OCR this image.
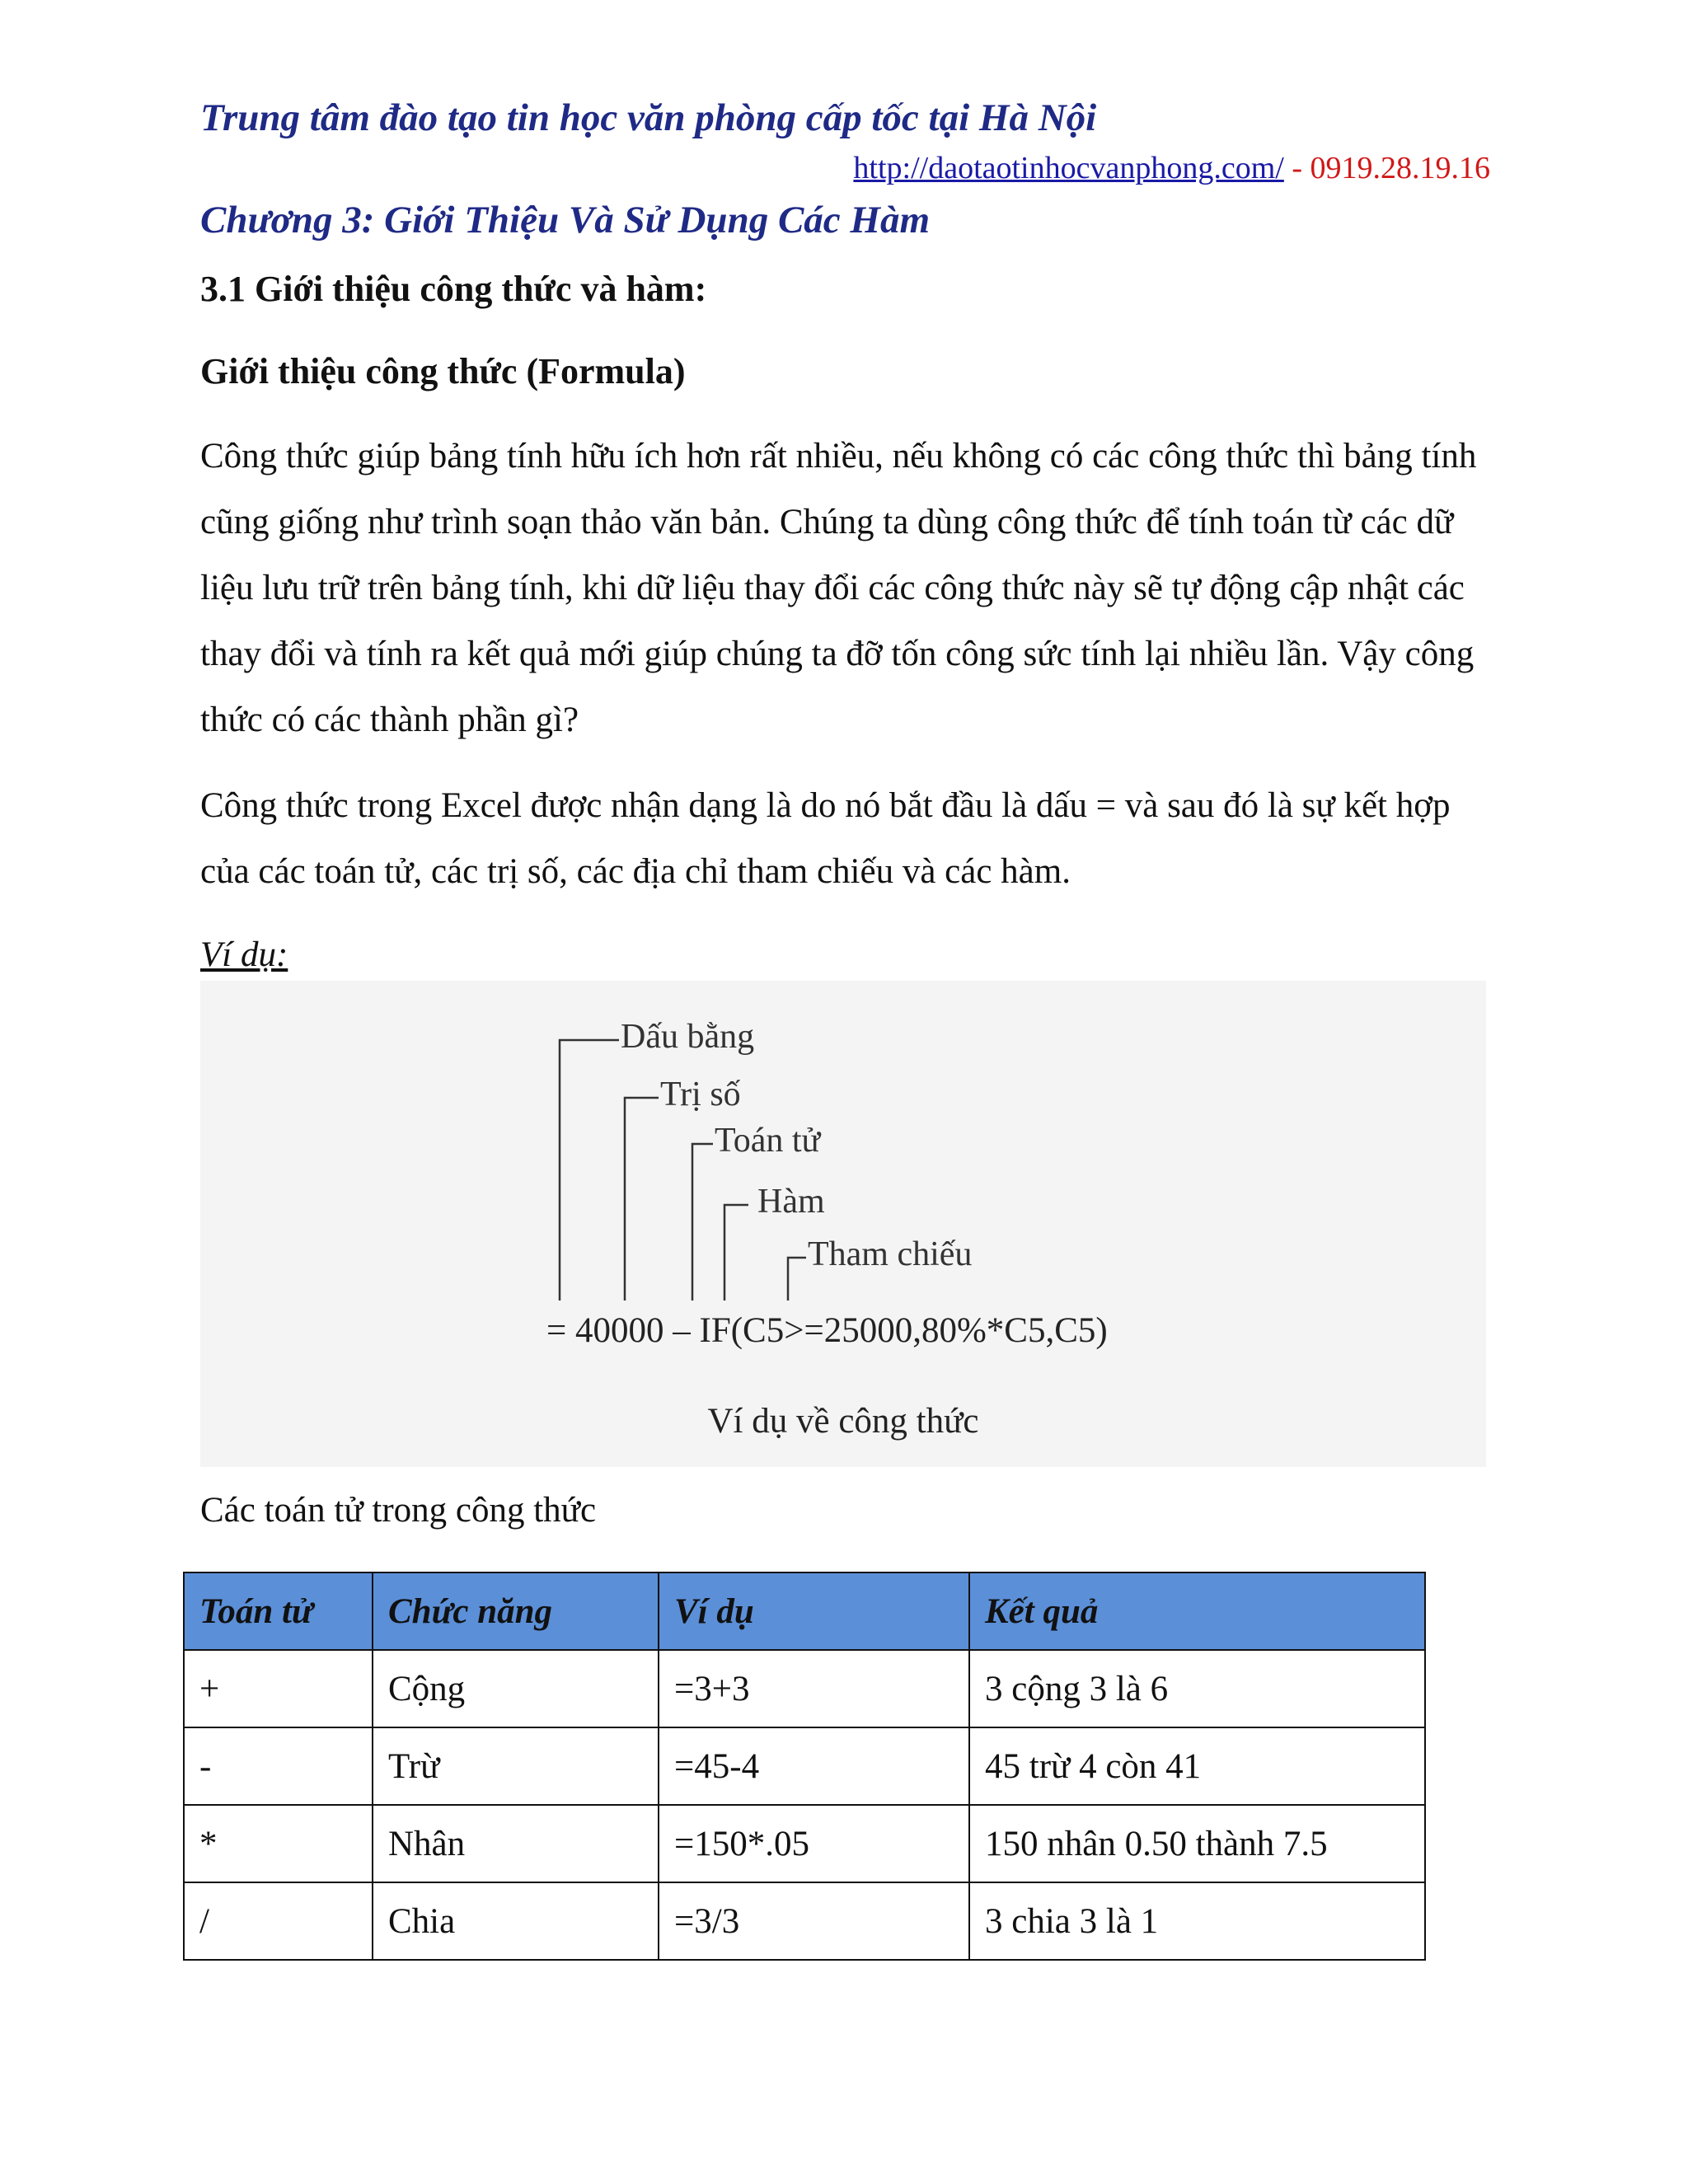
Trung tâm đào tạo tin học văn phòng cấp tốc tại Hà Nội

http://daotaotinhocvanphong.com/ - 0919.28.19.16

Chương 3: Giới Thiệu Và Sử Dụng Các Hàm

3.1 Giới thiệu công thức và hàm:

Giới thiệu công thức (Formula)

Công thức giúp bảng tính hữu ích hơn rất nhiều, nếu không có các công thức thì bảng tính cũng giống như trình soạn thảo văn bản. Chúng ta dùng công thức để tính toán từ các dữ liệu lưu trữ trên bảng tính, khi dữ liệu thay đổi các công thức này sẽ tự động cập nhật các thay đổi và tính ra kết quả mới giúp chúng ta đỡ tốn công sức tính lại nhiều lần. Vậy công thức có các thành phần gì?

Công thức trong Excel được nhận dạng là do nó bắt đầu là dấu = và sau đó là sự kết hợp của các toán tử, các trị số, các địa chỉ tham chiếu và các hàm.

Ví dụ:

Dấu bằng
Trị số
Toán tử
Hàm
Tham chiếu
= 40000 – IF(C5>=25000,80%*C5,C5)
Ví dụ về công thức

Các toán tử trong công thức

Toán tử	Chức năng	Ví dụ	Kết quả
+	Cộng	=3+3	3 cộng 3 là 6
-	Trừ	=45-4	45 trừ 4 còn 41
*	Nhân	=150*.05	150 nhân 0.50 thành 7.5
/	Chia	=3/3	3 chia 3 là 1
